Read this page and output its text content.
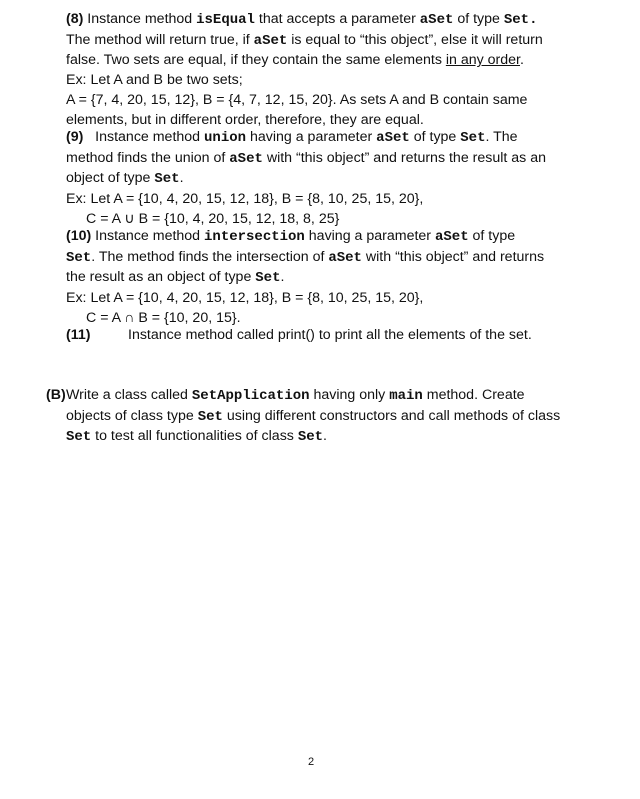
(8) Instance method isEqual that accepts a parameter aSet of type Set.
The method will return true, if aSet is equal to “this object”, else it will return
false. Two sets are equal, if they contain the same elements in any order.
Ex: Let A and B be two sets;
A = {7, 4, 20, 15, 12}, B = {4, 7, 12, 15, 20}. As sets A and B contain same
elements, but in different order, therefore, they are equal.
(9)   Instance method union having a parameter aSet of type Set. The
method finds the union of aSet with “this object” and returns the result as an
object of type Set.
Ex: Let A = {10, 4, 20, 15, 12, 18}, B = {8, 10, 25, 15, 20},
C = A ∪ B = {10, 4, 20, 15, 12, 18, 8, 25}
(10) Instance method intersection having a parameter aSet of type
Set. The method finds the intersection of aSet with “this object” and returns
the result as an object of type Set.
Ex: Let A = {10, 4, 20, 15, 12, 18}, B = {8, 10, 25, 15, 20},
C = A ∩ B = {10, 20, 15}.
(11)	Instance method called print() to print all the elements of the set.
(B) Write a class called SetApplication having only main method. Create
objects of class type Set using different constructors and call methods of class
Set to test all functionalities of class Set.
2
